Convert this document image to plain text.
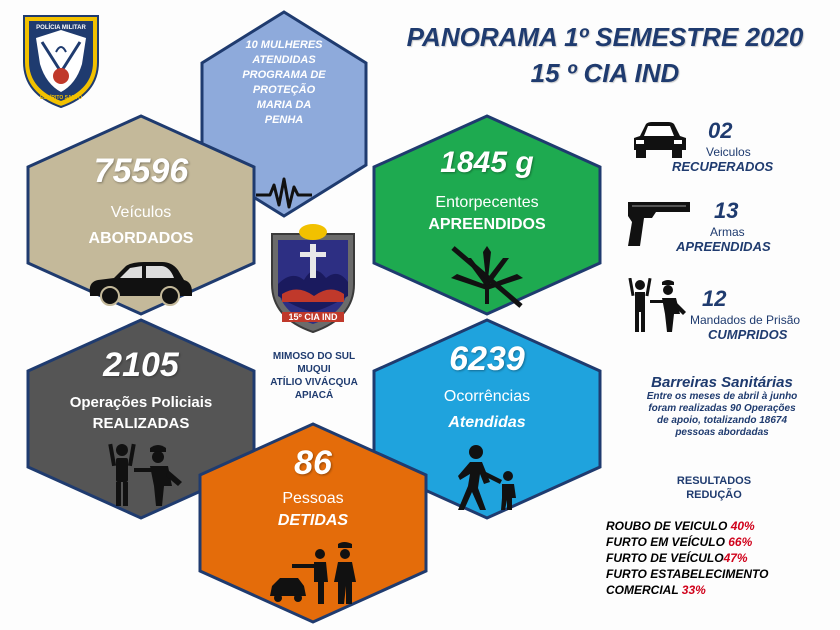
POLÍCIA MILITAR
ESPÍRITO SANTO
PANORAMA 1º SEMESTRE 2020
15 º CIA IND
10 MULHERES ATENDIDAS PROGRAMA DE PROTEÇÃO MARIA DA PENHA
75596
Veículos
ABORDADOS
1845 g
Entorpecentes
APREENDIDOS
15º CIA IND
MIMOSO DO SUL
MUQUI
ATÍLIO VIVÁCQUA
APIACÁ
2105
Operações Policiais
REALIZADAS
6239
Ocorrências
Atendidas
86
Pessoas
DETIDAS
02
Veiculos
RECUPERADOS
13
Armas
APREENDIDAS
12
Mandados de Prisão
CUMPRIDOS
Barreiras Sanitárias
Entre os meses de abril à junho
foram realizadas 90 Operações
de apoio, totalizando 18674
pessoas abordadas
RESULTADOS
REDUÇÃO
ROUBO DE VEICULO 40%
FURTO EM VEÍCULO 66%
FURTO DE VEÍCULO47%
FURTO ESTABELECIMENTO
COMERCIAL 33%
